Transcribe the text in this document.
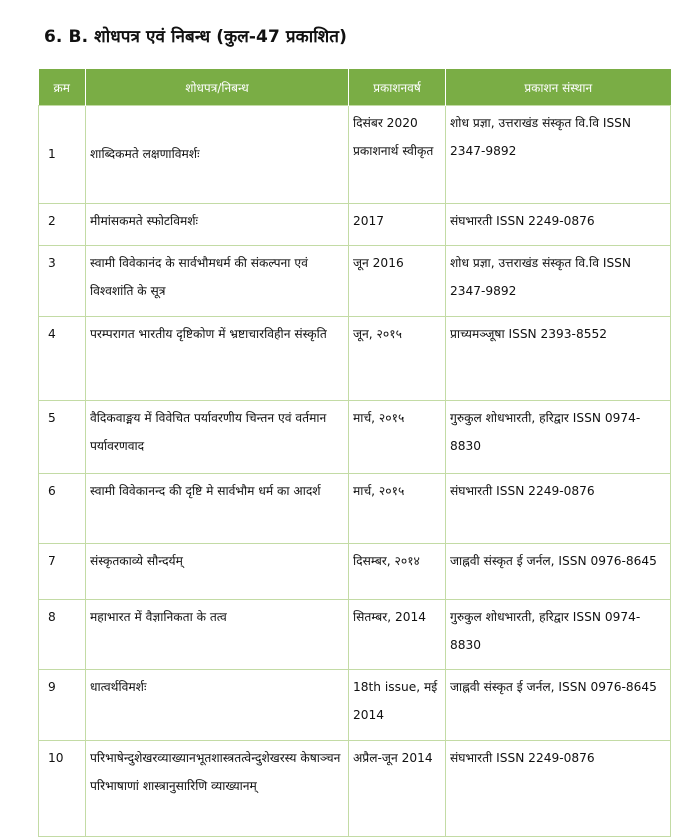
6. B. शोधपत्र एवं निबन्ध (कुल-47 प्रकाशित)
क्रम	शोधपत्र/निबन्ध	प्रकाशनवर्ष	प्रकाशन संस्थान
1	शाब्दिकमते लक्षणाविमर्शः	दिसंबर 2020 प्रकाशनार्थ स्वीकृत	शोध प्रज्ञा, उत्तराखंड संस्कृत वि.वि ISSN 2347-9892
2	मीमांसकमते स्फोटविमर्शः	2017	संघभारती ISSN 2249-0876
3	स्वामी विवेकानंद के सार्वभौमधर्म की संकल्पना एवं विश्वशांति के सूत्र	जून 2016	शोध प्रज्ञा, उत्तराखंड संस्कृत वि.वि ISSN 2347-9892
4	परम्परागत भारतीय दृष्टिकोण में भ्रष्टाचारविहीन संस्कृति	जून, २०१५	प्राच्यमञ्जूषा ISSN 2393-8552
5	वैदिकवाङ्मय में विवेचित पर्यावरणीय चिन्तन एवं वर्तमान पर्यावरणवाद	मार्च, २०१५	गुरुकुल शोधभारती, हरिद्वार ISSN 0974-8830
6	स्वामी विवेकानन्द की दृष्टि मे सार्वभौम धर्म का आदर्श	मार्च, २०१५	संघभारती ISSN 2249-0876
7	संस्कृतकाव्ये सौन्दर्यम्	दिसम्बर, २०१४	जाह्नवी संस्कृत ई जर्नल, ISSN 0976-8645
8	महाभारत में वैज्ञानिकता के तत्व	सितम्बर, 2014	गुरुकुल शोधभारती, हरिद्वार ISSN 0974-8830
9	धात्वर्थविमर्शः	18th issue, मई 2014	जाह्नवी संस्कृत ई जर्नल, ISSN 0976-8645
10	परिभाषेन्दुशेखरव्याख्यानभूतशास्त्रतत्वेन्दुशेखरस्य केषाञ्चन परिभाषाणां शास्त्रानुसारिणि व्याख्यानम्	अप्रैल-जून 2014	संघभारती ISSN 2249-0876
